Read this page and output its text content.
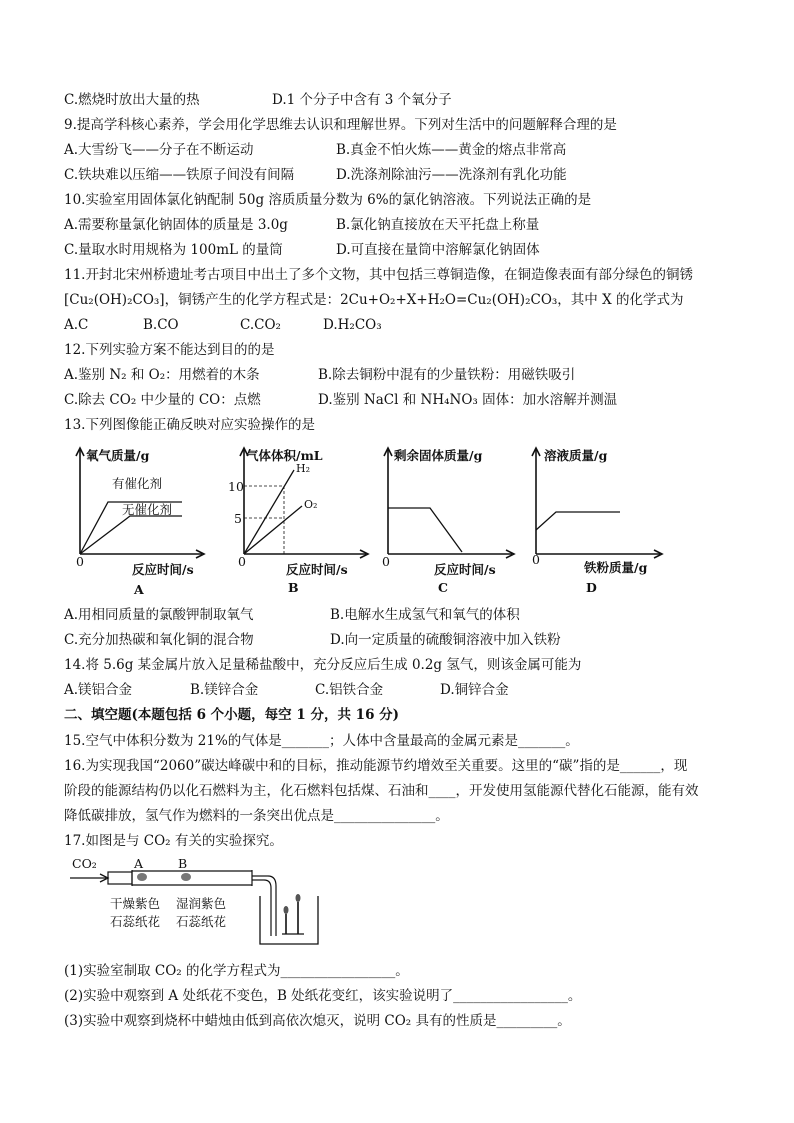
C.燃烧时放出大量的热	D.1 个分子中含有 3 个氧分子
9.提高学科核心素养，学会用化学思维去认识和理解世界。下列对生活中的问题解释合理的是
A.大雪纷飞——分子在不断运动	B.真金不怕火炼——黄金的熔点非常高
C.铁块难以压缩——铁原子间没有间隔	D.洗涤剂除油污——洗涤剂有乳化功能
10.实验室用固体氯化钠配制 50g 溶质质量分数为 6%的氯化钠溶液。下列说法正确的是
A.需要称量氯化钠固体的质量是 3.0g	B.氯化钠直接放在天平托盘上称量
C.量取水时用规格为 100mL 的量筒	D.可直接在量筒中溶解氯化钠固体
11.开封北宋州桥遗址考古项目中出土了多个文物，其中包括三尊铜造像，在铜造像表面有部分绿色的铜锈
[Cu₂(OH)₂CO₃]，铜锈产生的化学方程式是：2Cu+O₂+X+H₂O=Cu₂(OH)₂CO₃，其中 X 的化学式为
A.C	B.CO	C.CO₂	D.H₂CO₃
12.下列实验方案不能达到目的的是
A.鉴别 N₂ 和 O₂：用燃着的木条	B.除去铜粉中混有的少量铁粉：用磁铁吸引
C.除去 CO₂ 中少量的 CO：点燃	D.鉴别 NaCl 和 NH₄NO₃ 固体：加水溶解并测温
13.下列图像能正确反映对应实验操作的是
氧气质量/g
有催化剂
无催化剂
0
反应时间/s
A
气体体积/mL
H₂
O₂
10
5
0
反应时间/s
B
剩余固体质量/g
0
反应时间/s
C
溶液质量/g
0
铁粉质量/g
D
A.用相同质量的氯酸钾制取氧气	B.电解水生成氢气和氧气的体积
C.充分加热碳和氧化铜的混合物	D.向一定质量的硫酸铜溶液中加入铁粉
14.将 5.6g 某金属片放入足量稀盐酸中，充分反应后生成 0.2g 氢气，则该金属可能为
A.镁铝合金	B.镁锌合金	C.铝铁合金	D.铜锌合金
二、填空题(本题包括 6 个小题，每空 1 分，共 16 分)
15.空气中体积分数为 21%的气体是_______；人体中含量最高的金属元素是_______。
16.为实现我国“2060”碳达峰碳中和的目标，推动能源节约增效至关重要。这里的“碳”指的是______，现
阶段的能源结构仍以化石燃料为主，化石燃料包括煤、石油和____，开发使用氢能源代替化石能源，能有效
降低碳排放，氢气作为燃料的一条突出优点是_______________。
17.如图是与 CO₂ 有关的实验探究。
CO₂	A	B
干燥紫色
石蕊纸花
湿润紫色
石蕊纸花
(1)实验室制取 CO₂ 的化学方程式为_________________。
(2)实验中观察到 A 处纸花不变色，B 处纸花变红，该实验说明了_________________。
(3)实验中观察到烧杯中蜡烛由低到高依次熄灭，说明 CO₂ 具有的性质是_________。
